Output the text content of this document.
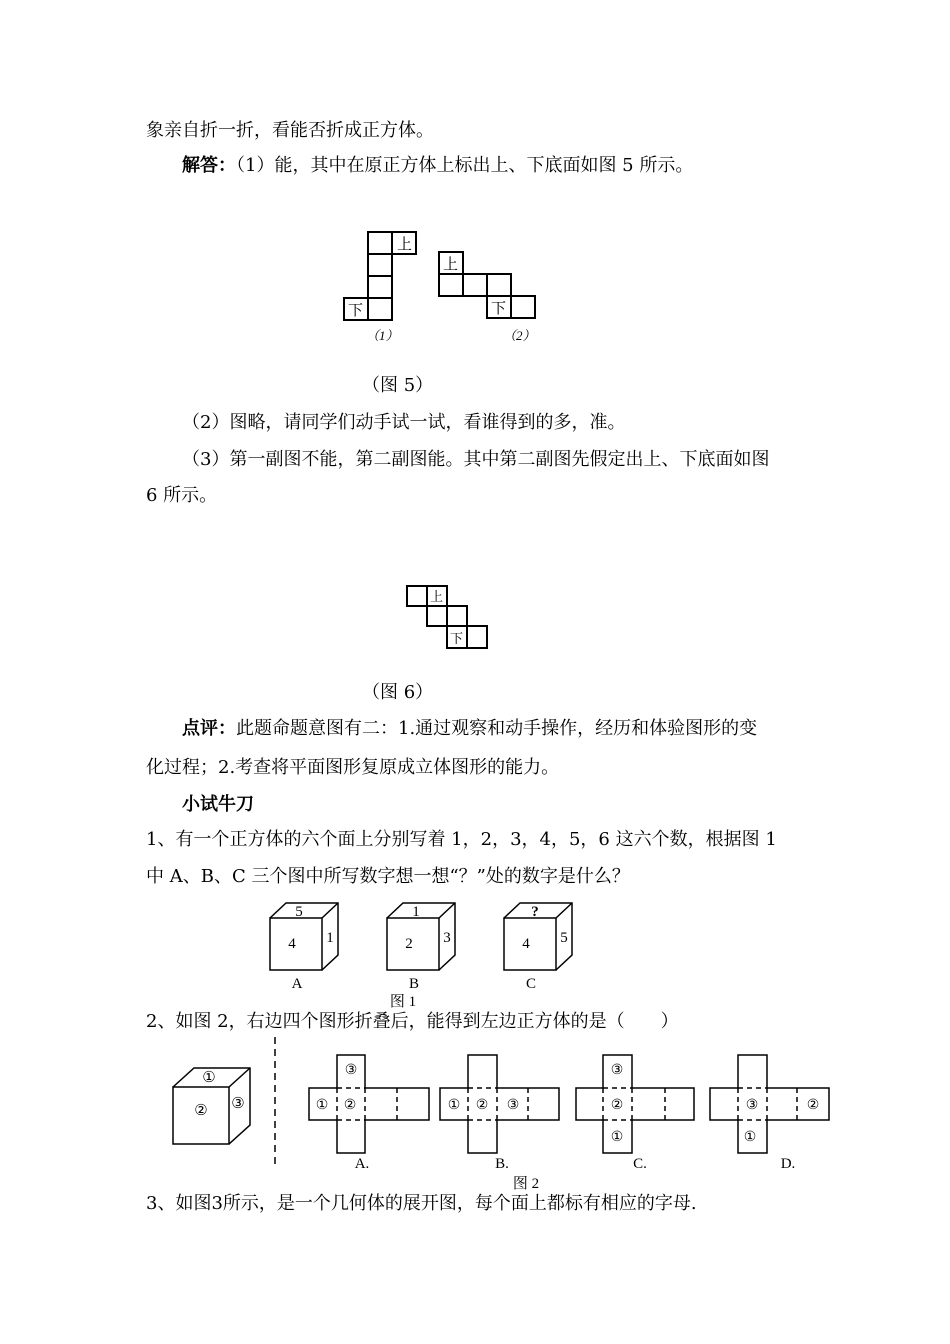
象亲自折一折，看能否折成正方体。
解答：（1）能，其中在原正方体上标出上、下底面如图 5 所示。
上
下
上
下
（1）	（2）
（图 5）
（2）图略，请同学们动手试一试，看谁得到的多，准。
（3）第一副图不能，第二副图能。其中第二副图先假定出上、下底面如图
6 所示。
上
下
（图 6）
点评：此题命题意图有二：1.通过观察和动手操作，经历和体验图形的变
化过程；2.考查将平面图形复原成立体图形的能力。
小试牛刀
1、有一个正方体的六个面上分别写着 1，2，3，4，5，6 这六个数，根据图 1
中 A、B、C 三个图中所写数字想一想“？”处的数字是什么？
5
4 1
A
1
2 3
B
?
4 5
C
图 1
2、如图 2，右边四个图形折叠后，能得到左边正方体的是（　　）
①
② ③
③
① ②
A.
① ② ③
B.
③
②
①
C.
③	②
①
D.
图 2
3、如图3所示，是一个几何体的展开图，每个面上都标有相应的字母.
